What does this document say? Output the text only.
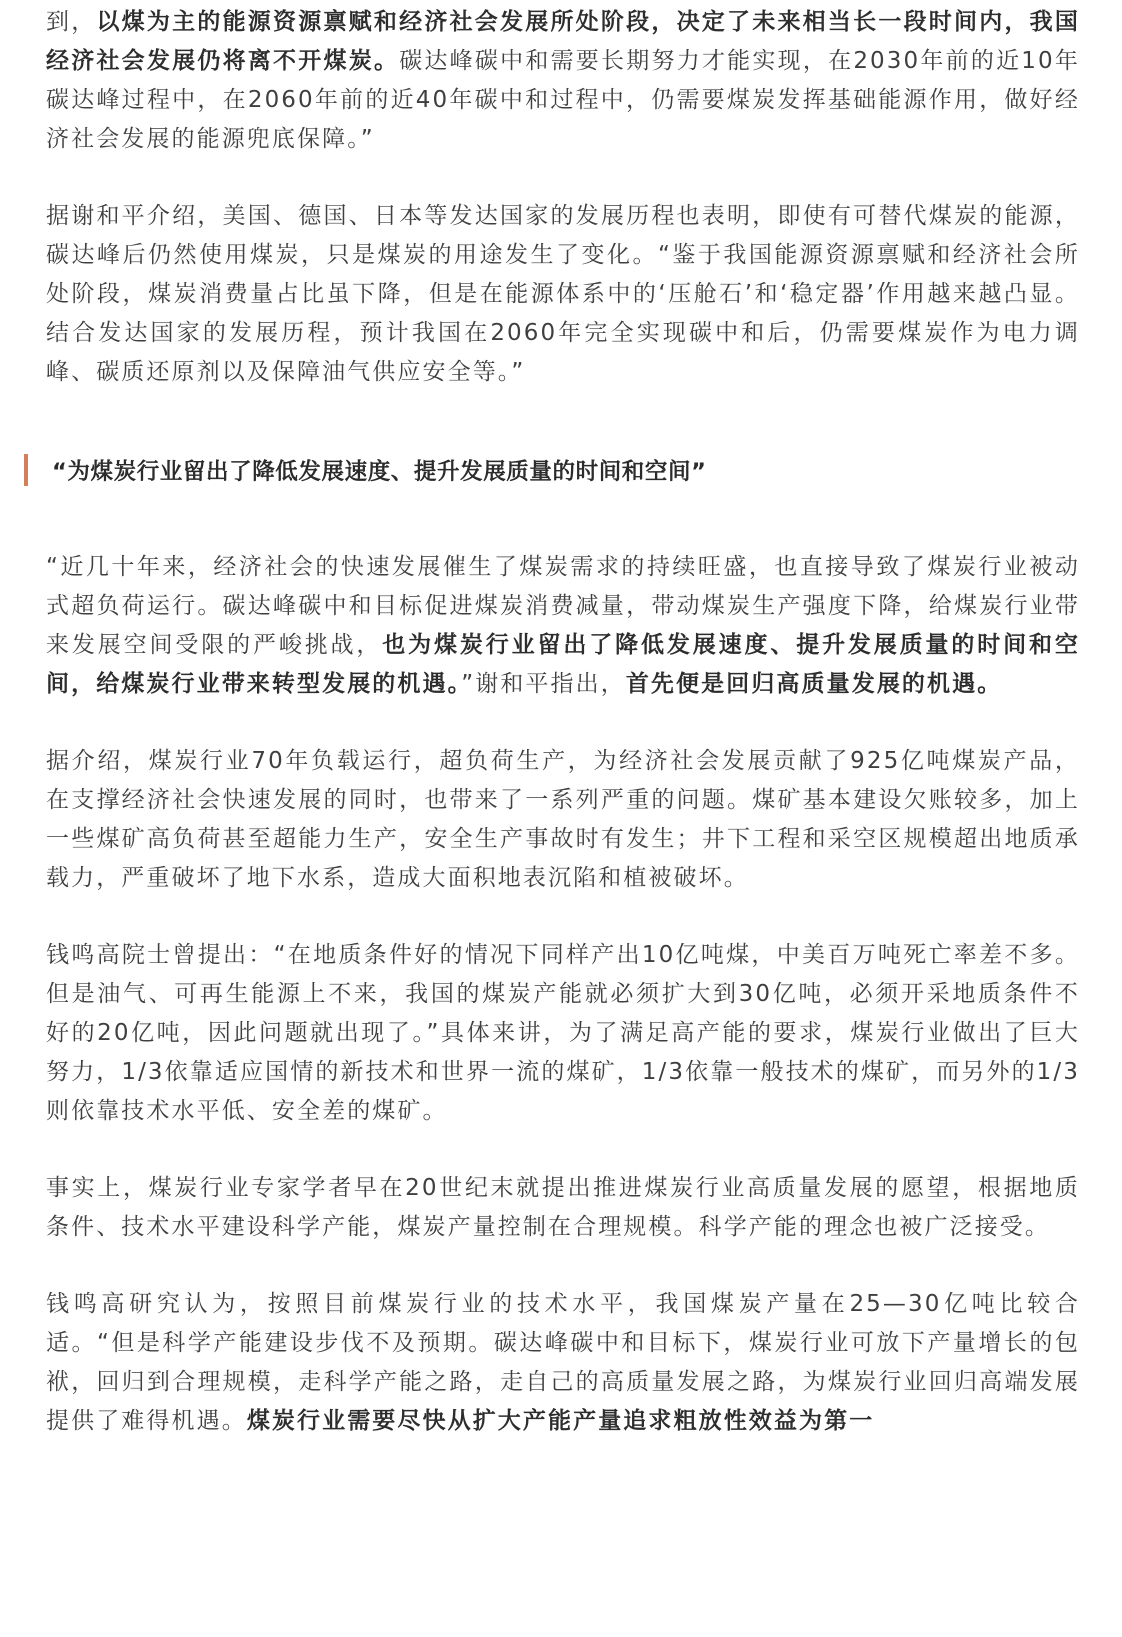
到，以煤为主的能源资源禀赋和经济社会发展所处阶段，决定了未来相当长一段时间内，我国经济社会发展仍将离不开煤炭。碳达峰碳中和需要长期努力才能实现，在2030年前的近10年碳达峰过程中，在2060年前的近40年碳中和过程中，仍需要煤炭发挥基础能源作用，做好经济社会发展的能源兜底保障。”

据谢和平介绍，美国、德国、日本等发达国家的发展历程也表明，即使有可替代煤炭的能源，碳达峰后仍然使用煤炭，只是煤炭的用途发生了变化。“鉴于我国能源资源禀赋和经济社会所处阶段，煤炭消费量占比虽下降，但是在能源体系中的‘压舱石’和‘稳定器’作用越来越凸显。结合发达国家的发展历程，预计我国在2060年完全实现碳中和后，仍需要煤炭作为电力调峰、碳质还原剂以及保障油气供应安全等。”

“为煤炭行业留出了降低发展速度、提升发展质量的时间和空间”

“近几十年来，经济社会的快速发展催生了煤炭需求的持续旺盛，也直接导致了煤炭行业被动式超负荷运行。碳达峰碳中和目标促进煤炭消费减量，带动煤炭生产强度下降，给煤炭行业带来发展空间受限的严峻挑战，也为煤炭行业留出了降低发展速度、提升发展质量的时间和空间，给煤炭行业带来转型发展的机遇。”谢和平指出，首先便是回归高质量发展的机遇。

据介绍，煤炭行业70年负载运行，超负荷生产，为经济社会发展贡献了925亿吨煤炭产品，在支撑经济社会快速发展的同时，也带来了一系列严重的问题。煤矿基本建设欠账较多，加上一些煤矿高负荷甚至超能力生产，安全生产事故时有发生；井下工程和采空区规模超出地质承载力，严重破坏了地下水系，造成大面积地表沉陷和植被破坏。

钱鸣高院士曾提出：“在地质条件好的情况下同样产出10亿吨煤，中美百万吨死亡率差不多。但是油气、可再生能源上不来，我国的煤炭产能就必须扩大到30亿吨，必须开采地质条件不好的20亿吨，因此问题就出现了。”具体来讲，为了满足高产能的要求，煤炭行业做出了巨大努力，1/3依靠适应国情的新技术和世界一流的煤矿，1/3依靠一般技术的煤矿，而另外的1/3则依靠技术水平低、安全差的煤矿。

事实上，煤炭行业专家学者早在20世纪末就提出推进煤炭行业高质量发展的愿望，根据地质条件、技术水平建设科学产能，煤炭产量控制在合理规模。科学产能的理念也被广泛接受。

钱鸣高研究认为，按照目前煤炭行业的技术水平，我国煤炭产量在25—30亿吨比较合适。“但是科学产能建设步伐不及预期。碳达峰碳中和目标下，煤炭行业可放下产量增长的包袱，回归到合理规模，走科学产能之路，走自己的高质量发展之路，为煤炭行业回归高端发展提供了难得机遇。煤炭行业需要尽快从扩大产能产量追求粗放性效益为第一
